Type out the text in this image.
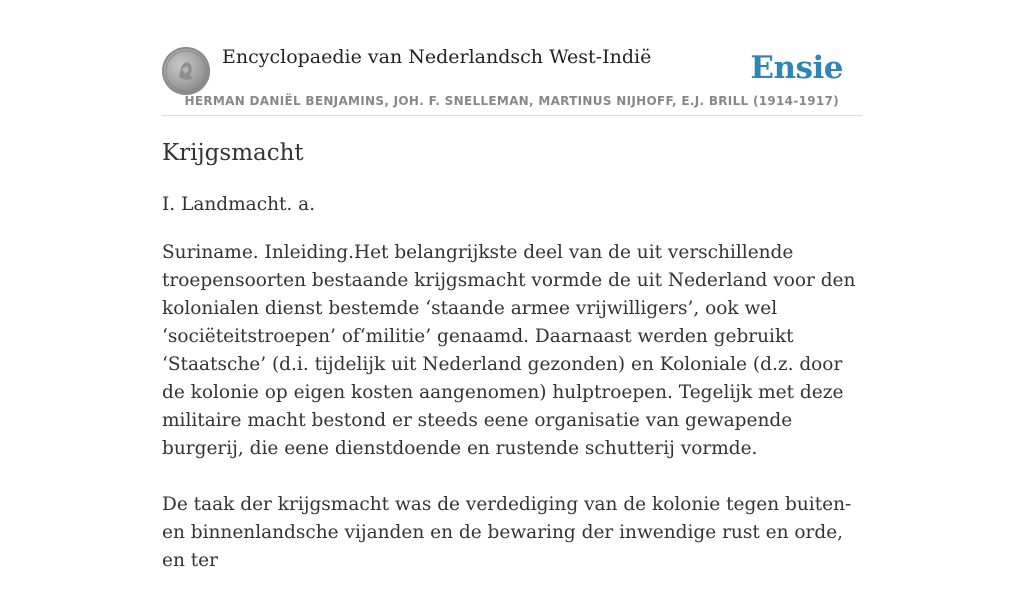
Encyclopaedie van Nederlandsch West-Indië	Ensie
HERMAN DANIËL BENJAMINS, JOH. F. SNELLEMAN, MARTINUS NIJHOFF, E.J. BRILL (1914-1917)
Krijgsmacht

I. Landmacht. a.

Suriname. Inleiding.Het belangrijkste deel van de uit verschillende troepensoorten bestaande krijgsmacht vormde de uit Nederland voor den kolonialen dienst bestemde ‘staande armee vrijwilligers’, ook wel ‘sociëteitstroepen’ of‘militie’ genaamd. Daarnaast werden gebruikt ‘Staatsche’ (d.i. tijdelijk uit Nederland gezonden) en Koloniale (d.z. door de kolonie op eigen kosten aangenomen) hulptroepen. Tegelijk met deze militaire macht bestond er steeds eene organisatie van gewapende burgerij, die eene dienstdoende en rustende schutterij vormde.

De taak der krijgsmacht was de verdediging van de kolonie tegen buiten- en binnenlandsche vijanden en de bewaring der inwendige rust en orde, en ter
